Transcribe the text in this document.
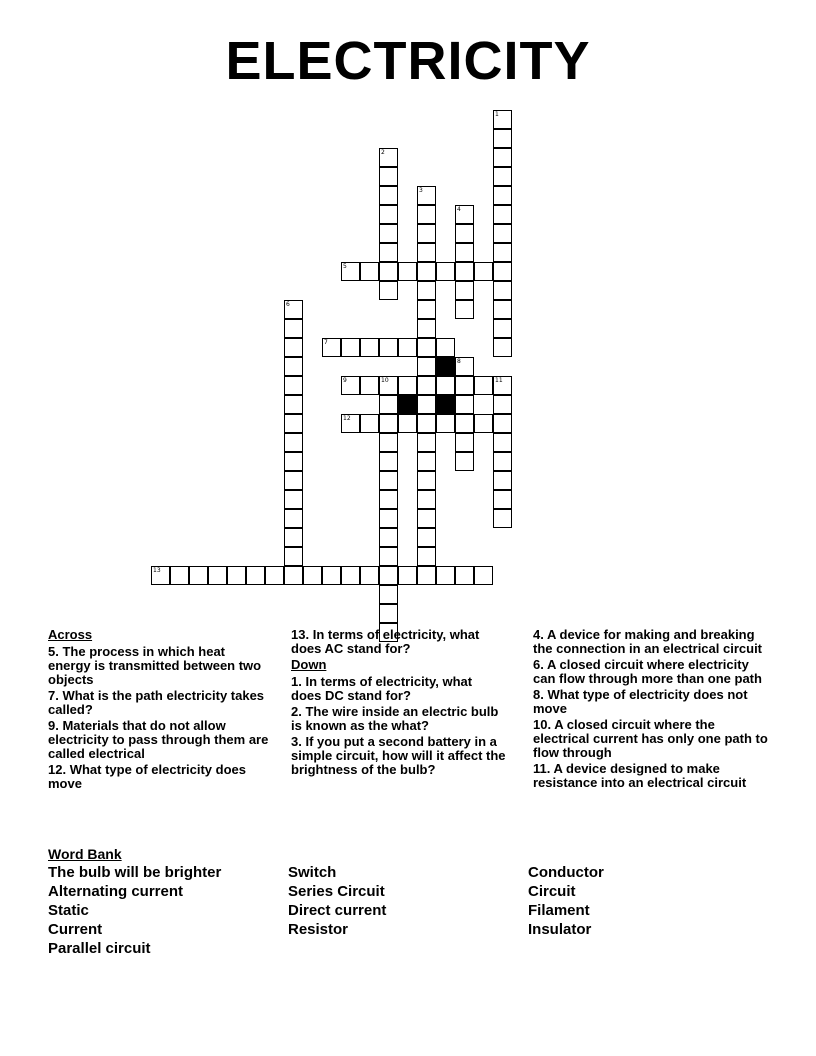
ELECTRICITY
1
2
3
4
5
6
7
8
9	10	11
12
13
Across
5. The process in which heat energy is transmitted between two objects
7. What is the path electricity takes called?
9. Materials that do not allow electricity to pass through them are called electrical
12. What type of electricity does move
13. In terms of electricity, what does AC stand for?
Down
1. In terms of electricity, what does DC stand for?
2. The wire inside an electric bulb is known as the what?
3. If you put a second battery in a simple circuit, how will it affect the brightness of the bulb?
4. A device for making and breaking the connection in an electrical circuit
6. A closed circuit where electricity can flow through more than one path
8. What type of electricity does not move
10. A closed circuit where the electrical current has only one path to flow through
11. A device designed to make resistance into an electrical circuit
Word Bank
The bulb will be brighter
Alternating current
Static
Current
Parallel circuit
Switch
Series Circuit
Direct current
Resistor
Conductor
Circuit
Filament
Insulator
